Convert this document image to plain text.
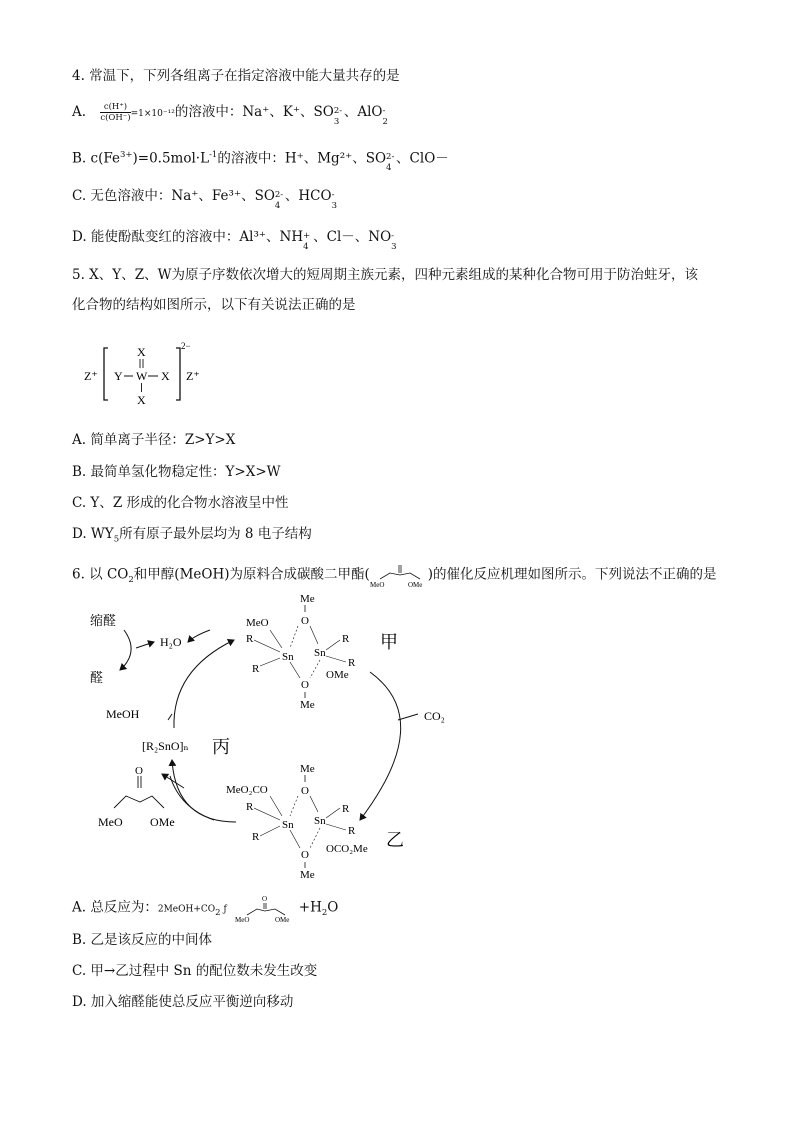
4. 常温下，下列各组离子在指定溶液中能大量共存的是
A. $\frac{c(H^+)}{c(OH^-)} =1\times 10^{-12}$的溶液中：Na⁺、K⁺、SO 2-
3
、AlO -
2
B. $c(Fe^{3+})=0.5mol\cdot L^{-1}$的溶液中：H⁺、Mg²⁺、SO 2-
4
、ClO－
C. 无色溶液中：Na⁺、Fe³⁺、SO 2-
4
、HCO -
3
D. 能使酚酞变红的溶液中：Al³⁺、NH +
4
、Cl－、NO -
3
5. X、Y、Z、W为原子序数依次增大的短周期主族元素，四种元素组成的某种化合物可用于防治蛀牙，该
化合物的结构如图所示，以下有关说法正确的是
Z⁺ Y W X
X
X
2−
Z⁺
A. 简单离子半径：Z>Y>X
B. 最简单氢化物稳定性：Y>X>W
C. Y、Z 形成的化合物水溶液呈中性
D. $WY_5$所有原子最外层均为 8 电子结构
6. 以 $CO_2$和甲醇(MeOH)为原料合成碳酸二甲酯(
MeO	OMe
)的催化反应机理如图所示。下列说法不正确的是
缩醛
醛
H₂O
MeOH
[R₂SnO]ₙ 丙
Me
O
MeO
R
R
Sn Sn
R
R
OMe
O
Me
甲
CO₂
Me
O
MeO₂CO
R
R
Sn Sn
R
R
OCO₂Me
O
Me
乙
O
MeO OMe
A. 总反应为：$2MeOH+CO_2$ ƒ
O
MeO	OMe
$+H_2O$
B. 乙是该反应的中间体
C. 甲→乙过程中 Sn 的配位数未发生改变
D. 加入缩醛能使总反应平衡逆向移动
